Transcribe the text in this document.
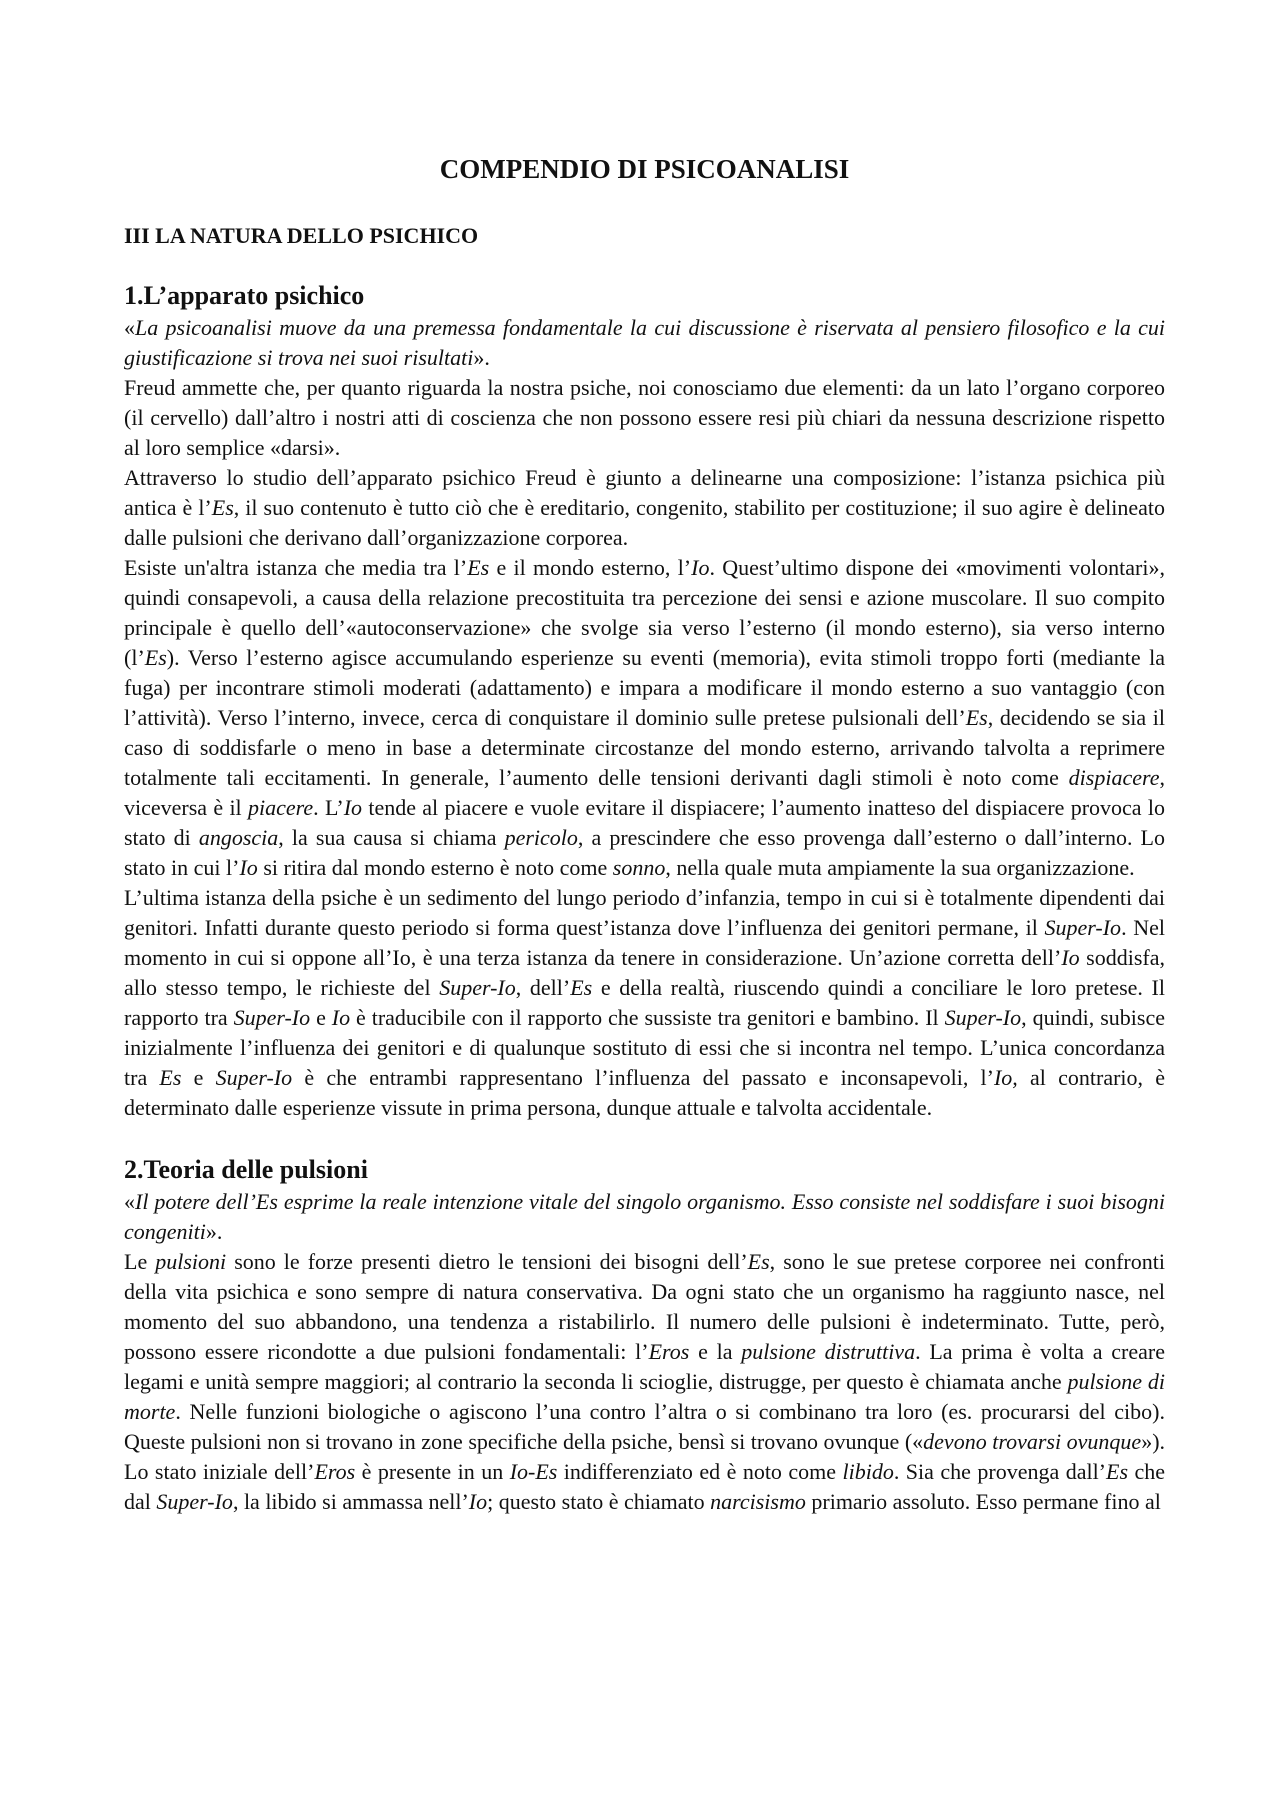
COMPENDIO DI PSICOANALISI
III LA NATURA DELLO PSICHICO
1.L’apparato psichico

«La psicoanalisi muove da una premessa fondamentale la cui discussione è riservata al pensiero filosofico e la cui giustificazione si trova nei suoi risultati».

Freud ammette che, per quanto riguarda la nostra psiche, noi conosciamo due elementi: da un lato l’organo corporeo (il cervello) dall’altro i nostri atti di coscienza che non possono essere resi più chiari da nessuna descrizione rispetto al loro semplice «darsi».

Attraverso lo studio dell’apparato psichico Freud è giunto a delinearne una composizione: l’istanza psichica più antica è l’Es, il suo contenuto è tutto ciò che è ereditario, congenito, stabilito per costituzione; il suo agire è delineato dalle pulsioni che derivano dall’organizzazione corporea.

Esiste un'altra istanza che media tra l’Es e il mondo esterno, l’Io. Quest’ultimo dispone dei «movimenti volontari», quindi consapevoli, a causa della relazione precostituita tra percezione dei sensi e azione muscolare. Il suo compito principale è quello dell’«autoconservazione» che svolge sia verso l’esterno (il mondo esterno), sia verso interno (l’Es). Verso l’esterno agisce accumulando esperienze su eventi (memoria), evita stimoli troppo forti (mediante la fuga) per incontrare stimoli moderati (adattamento) e impara a modificare il mondo esterno a suo vantaggio (con l’attività). Verso l’interno, invece, cerca di conquistare il dominio sulle pretese pulsionali dell’Es, decidendo se sia il caso di soddisfarle o meno in base a determinate circostanze del mondo esterno, arrivando talvolta a reprimere totalmente tali eccitamenti. In generale, l’aumento delle tensioni derivanti dagli stimoli è noto come dispiacere, viceversa è il piacere. L’Io tende al piacere e vuole evitare il dispiacere; l’aumento inatteso del dispiacere provoca lo stato di angoscia, la sua causa si chiama pericolo, a prescindere che esso provenga dall’esterno o dall’interno. Lo stato in cui l’Io si ritira dal mondo esterno è noto come sonno, nella quale muta ampiamente la sua organizzazione.

L’ultima istanza della psiche è un sedimento del lungo periodo d’infanzia, tempo in cui si è totalmente dipendenti dai genitori. Infatti durante questo periodo si forma quest’istanza dove l’influenza dei genitori permane, il Super-Io. Nel momento in cui si oppone all’Io, è una terza istanza da tenere in considerazione. Un’azione corretta dell’Io soddisfa, allo stesso tempo, le richieste del Super-Io, dell’Es e della realtà, riuscendo quindi a conciliare le loro pretese. Il rapporto tra Super-Io e Io è traducibile con il rapporto che sussiste tra genitori e bambino. Il Super-Io, quindi, subisce inizialmente l’influenza dei genitori e di qualunque sostituto di essi che si incontra nel tempo. L’unica concordanza tra Es e Super-Io è che entrambi rappresentano l’influenza del passato e inconsapevoli, l’Io, al contrario, è determinato dalle esperienze vissute in prima persona, dunque attuale e talvolta accidentale.

2.Teoria delle pulsioni

«Il potere dell’Es esprime la reale intenzione vitale del singolo organismo. Esso consiste nel soddisfare i suoi bisogni congeniti».

Le pulsioni sono le forze presenti dietro le tensioni dei bisogni dell’Es, sono le sue pretese corporee nei confronti della vita psichica e sono sempre di natura conservativa. Da ogni stato che un organismo ha raggiunto nasce, nel momento del suo abbandono, una tendenza a ristabilirlo. Il numero delle pulsioni è indeterminato. Tutte, però, possono essere ricondotte a due pulsioni fondamentali: l’Eros e la pulsione distruttiva. La prima è volta a creare legami e unità sempre maggiori; al contrario la seconda li scioglie, distrugge, per questo è chiamata anche pulsione di morte. Nelle funzioni biologiche o agiscono l’una contro l’altra o si combinano tra loro (es. procurarsi del cibo). Queste pulsioni non si trovano in zone specifiche della psiche, bensì si trovano ovunque («devono trovarsi ovunque»). Lo stato iniziale dell’Eros è presente in un Io-Es indifferenziato ed è noto come libido. Sia che provenga dall’Es che dal Super-Io, la libido si ammassa nell’Io; questo stato è chiamato narcisismo primario assoluto. Esso permane fino al
